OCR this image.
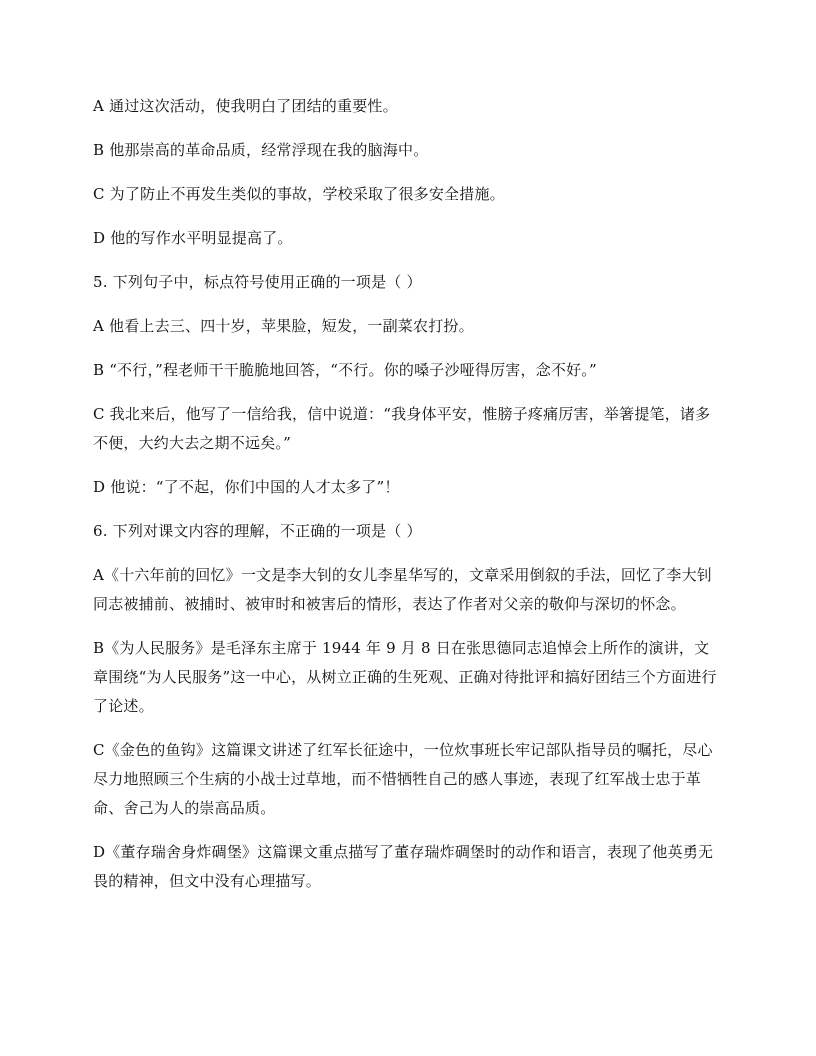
A 通过这次活动，使我明白了团结的重要性。

B 他那崇高的革命品质，经常浮现在我的脑海中。

C 为了防止不再发生类似的事故，学校采取了很多安全措施。

D 他的写作水平明显提高了。

5. 下列句子中，标点符号使用正确的一项是（ ）

A 他看上去三、四十岁，苹果脸，短发，一副菜农打扮。

B “不行，”程老师干干脆脆地回答，“不行。你的嗓子沙哑得厉害，念不好。”

C 我北来后，他写了一信给我，信中说道：“我身体平安，惟膀子疼痛厉害，举箸提笔，诸多不便，大约大去之期不远矣。”

D 他说：“了不起，你们中国的人才太多了”！

6. 下列对课文内容的理解，不正确的一项是（ ）

A《十六年前的回忆》一文是李大钊的女儿李星华写的，文章采用倒叙的手法，回忆了李大钊同志被捕前、被捕时、被审时和被害后的情形，表达了作者对父亲的敬仰与深切的怀念。

B《为人民服务》是毛泽东主席于 1944 年 9 月 8 日在张思德同志追悼会上所作的演讲，文章围绕“为人民服务”这一中心，从树立正确的生死观、正确对待批评和搞好团结三个方面进行了论述。

C《金色的鱼钩》这篇课文讲述了红军长征途中，一位炊事班长牢记部队指导员的嘱托，尽心尽力地照顾三个生病的小战士过草地，而不惜牺牲自己的感人事迹，表现了红军战士忠于革命、舍己为人的崇高品质。

D《董存瑞舍身炸碉堡》这篇课文重点描写了董存瑞炸碉堡时的动作和语言，表现了他英勇无畏的精神，但文中没有心理描写。
